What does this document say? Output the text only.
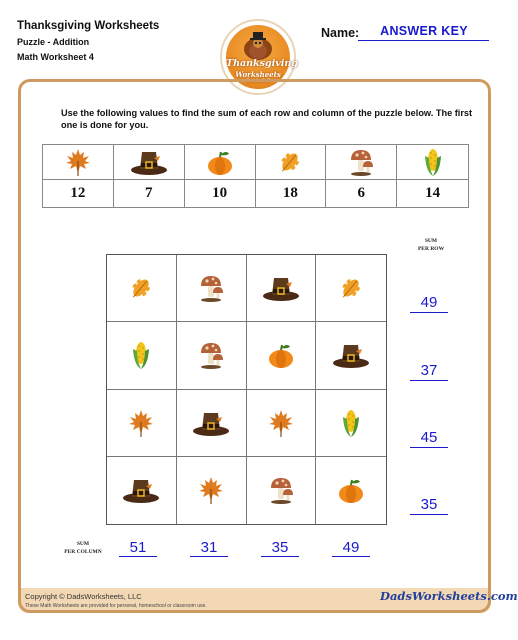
Thanksgiving Worksheets
Puzzle - Addition
Math Worksheet 4
Thanksgiving
Worksheets
Grade 1-5
Name:	ANSWER KEY
Use the following values to find the sum of each row and column of the puzzle below. The first one is done for you.
12	7	10	18	6	14
SUM
PER ROW
SUM
PER COLUMN
49
37
45
35
51	31	35	49
Copyright © DadsWorksheets, LLC
These Math Worksheets are provided for personal, homeschool or classroom use.
DadsWorksheets.com
